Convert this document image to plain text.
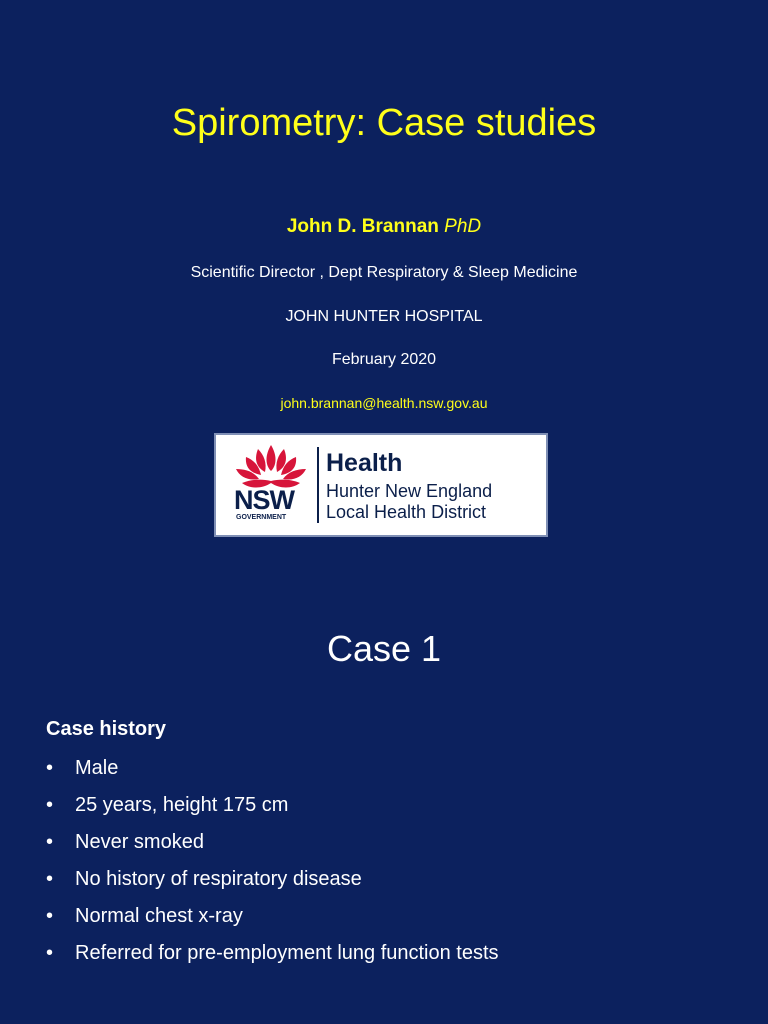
Spirometry: Case studies
John D. Brannan PhD
Scientific Director , Dept Respiratory & Sleep Medicine
JOHN HUNTER HOSPITAL
February 2020
john.brannan@health.nsw.gov.au
NSW
GOVERNMENT
Health
Hunter New England
Local Health District
Case 1
Case history
• Male
• 25 years, height 175 cm
• Never smoked
• No history of respiratory disease
• Normal chest x-ray
• Referred for pre-employment lung function tests
